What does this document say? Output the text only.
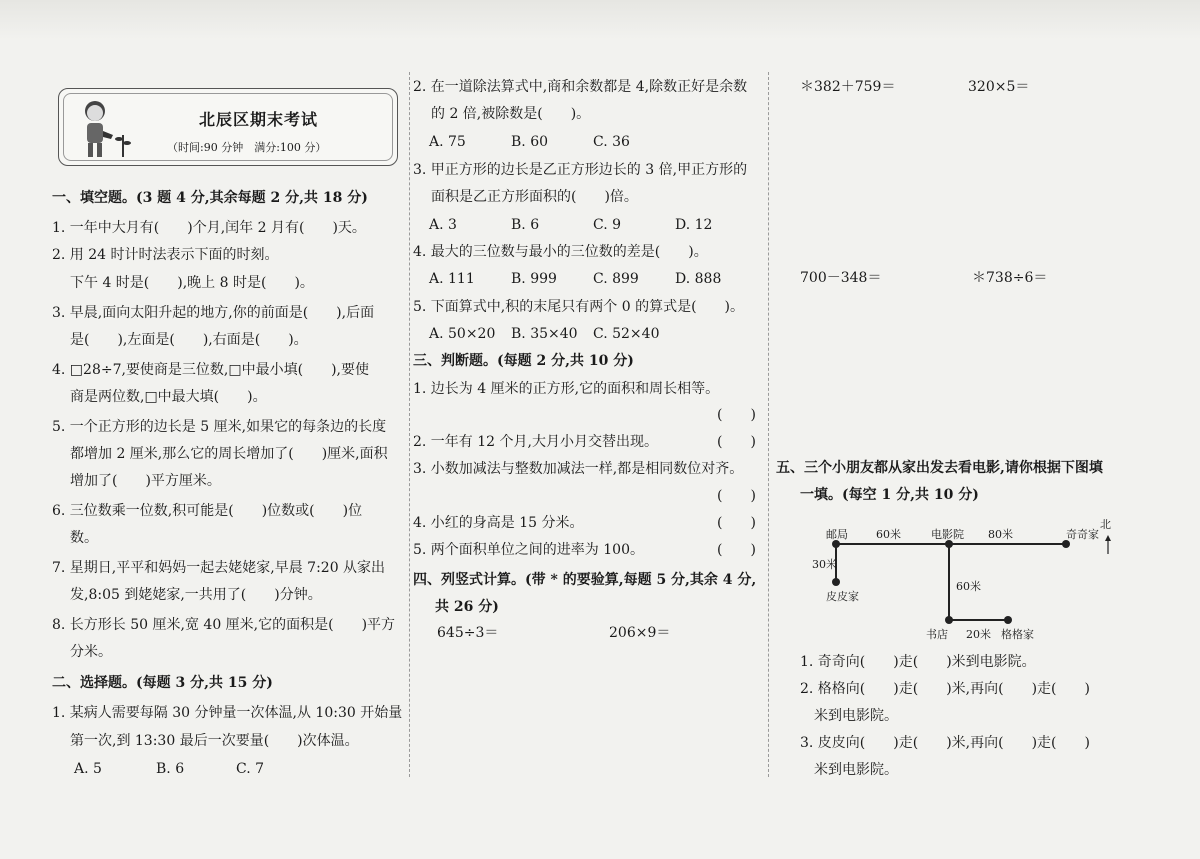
北辰区期末考试
（时间:90 分钟　满分:100 分）
一、填空题。(3 题 4 分,其余每题 2 分,共 18 分)
1. 一年中大月有(　　)个月,闰年 2 月有(　　)天。
2. 用 24 时计时法表示下面的时刻。
下午 4 时是(　　),晚上 8 时是(　　)。
3. 早晨,面向太阳升起的地方,你的前面是(　　),后面
是(　　),左面是(　　),右面是(　　)。
4. □28÷7,要使商是三位数,□中最小填(　　),要使
商是两位数,□中最大填(　　)。
5. 一个正方形的边长是 5 厘米,如果它的每条边的长度
都增加 2 厘米,那么它的周长增加了(　　)厘米,面积
增加了(　　)平方厘米。
6. 三位数乘一位数,积可能是(　　)位数或(　　)位
数。
7. 星期日,平平和妈妈一起去姥姥家,早晨 7:20 从家出
发,8:05 到姥姥家,一共用了(　　)分钟。
8. 长方形长 50 厘米,宽 40 厘米,它的面积是(　　)平方
分米。
二、选择题。(每题 3 分,共 15 分)
1. 某病人需要每隔 30 分钟量一次体温,从 10:30 开始量
第一次,到 13:30 最后一次要量(　　)次体温。
A. 5	B. 6	C. 7
2. 在一道除法算式中,商和余数都是 4,除数正好是余数
的 2 倍,被除数是(　　)。
A. 75	B. 60	C. 36
3. 甲正方形的边长是乙正方形边长的 3 倍,甲正方形的
面积是乙正方形面积的(　　)倍。
A. 3	B. 6	C. 9	D. 12
4. 最大的三位数与最小的三位数的差是(　　)。
A. 111	B. 999	C. 899	D. 888
5. 下面算式中,积的末尾只有两个 0 的算式是(　　)。
A. 50×20 B. 35×40 C. 52×40
三、判断题。(每题 2 分,共 10 分)
1. 边长为 4 厘米的正方形,它的面积和周长相等。
(　　)
2. 一年有 12 个月,大月小月交替出现。	(　　)
3. 小数加减法与整数加减法一样,都是相同数位对齐。
(　　)
4. 小红的身高是 15 分米。	(　　)
5. 两个面积单位之间的进率为 100。	(　　)
四、列竖式计算。(带 * 的要验算,每题 5 分,其余 4 分,
共 26 分)
645÷3＝	206×9＝
＊382＋759＝	320×5＝
700－348＝	＊738÷6＝
五、三个小朋友都从家出发去看电影,请你根据下图填
一填。(每空 1 分,共 10 分)
邮局	60米	电影院 80米	奇奇家
30米
皮皮家
60米
书店 20米 格格家
北
1. 奇奇向(　　)走(　　)米到电影院。
2. 格格向(　　)走(　　)米,再向(　　)走(　　)
米到电影院。
3. 皮皮向(　　)走(　　)米,再向(　　)走(　　)
米到电影院。
